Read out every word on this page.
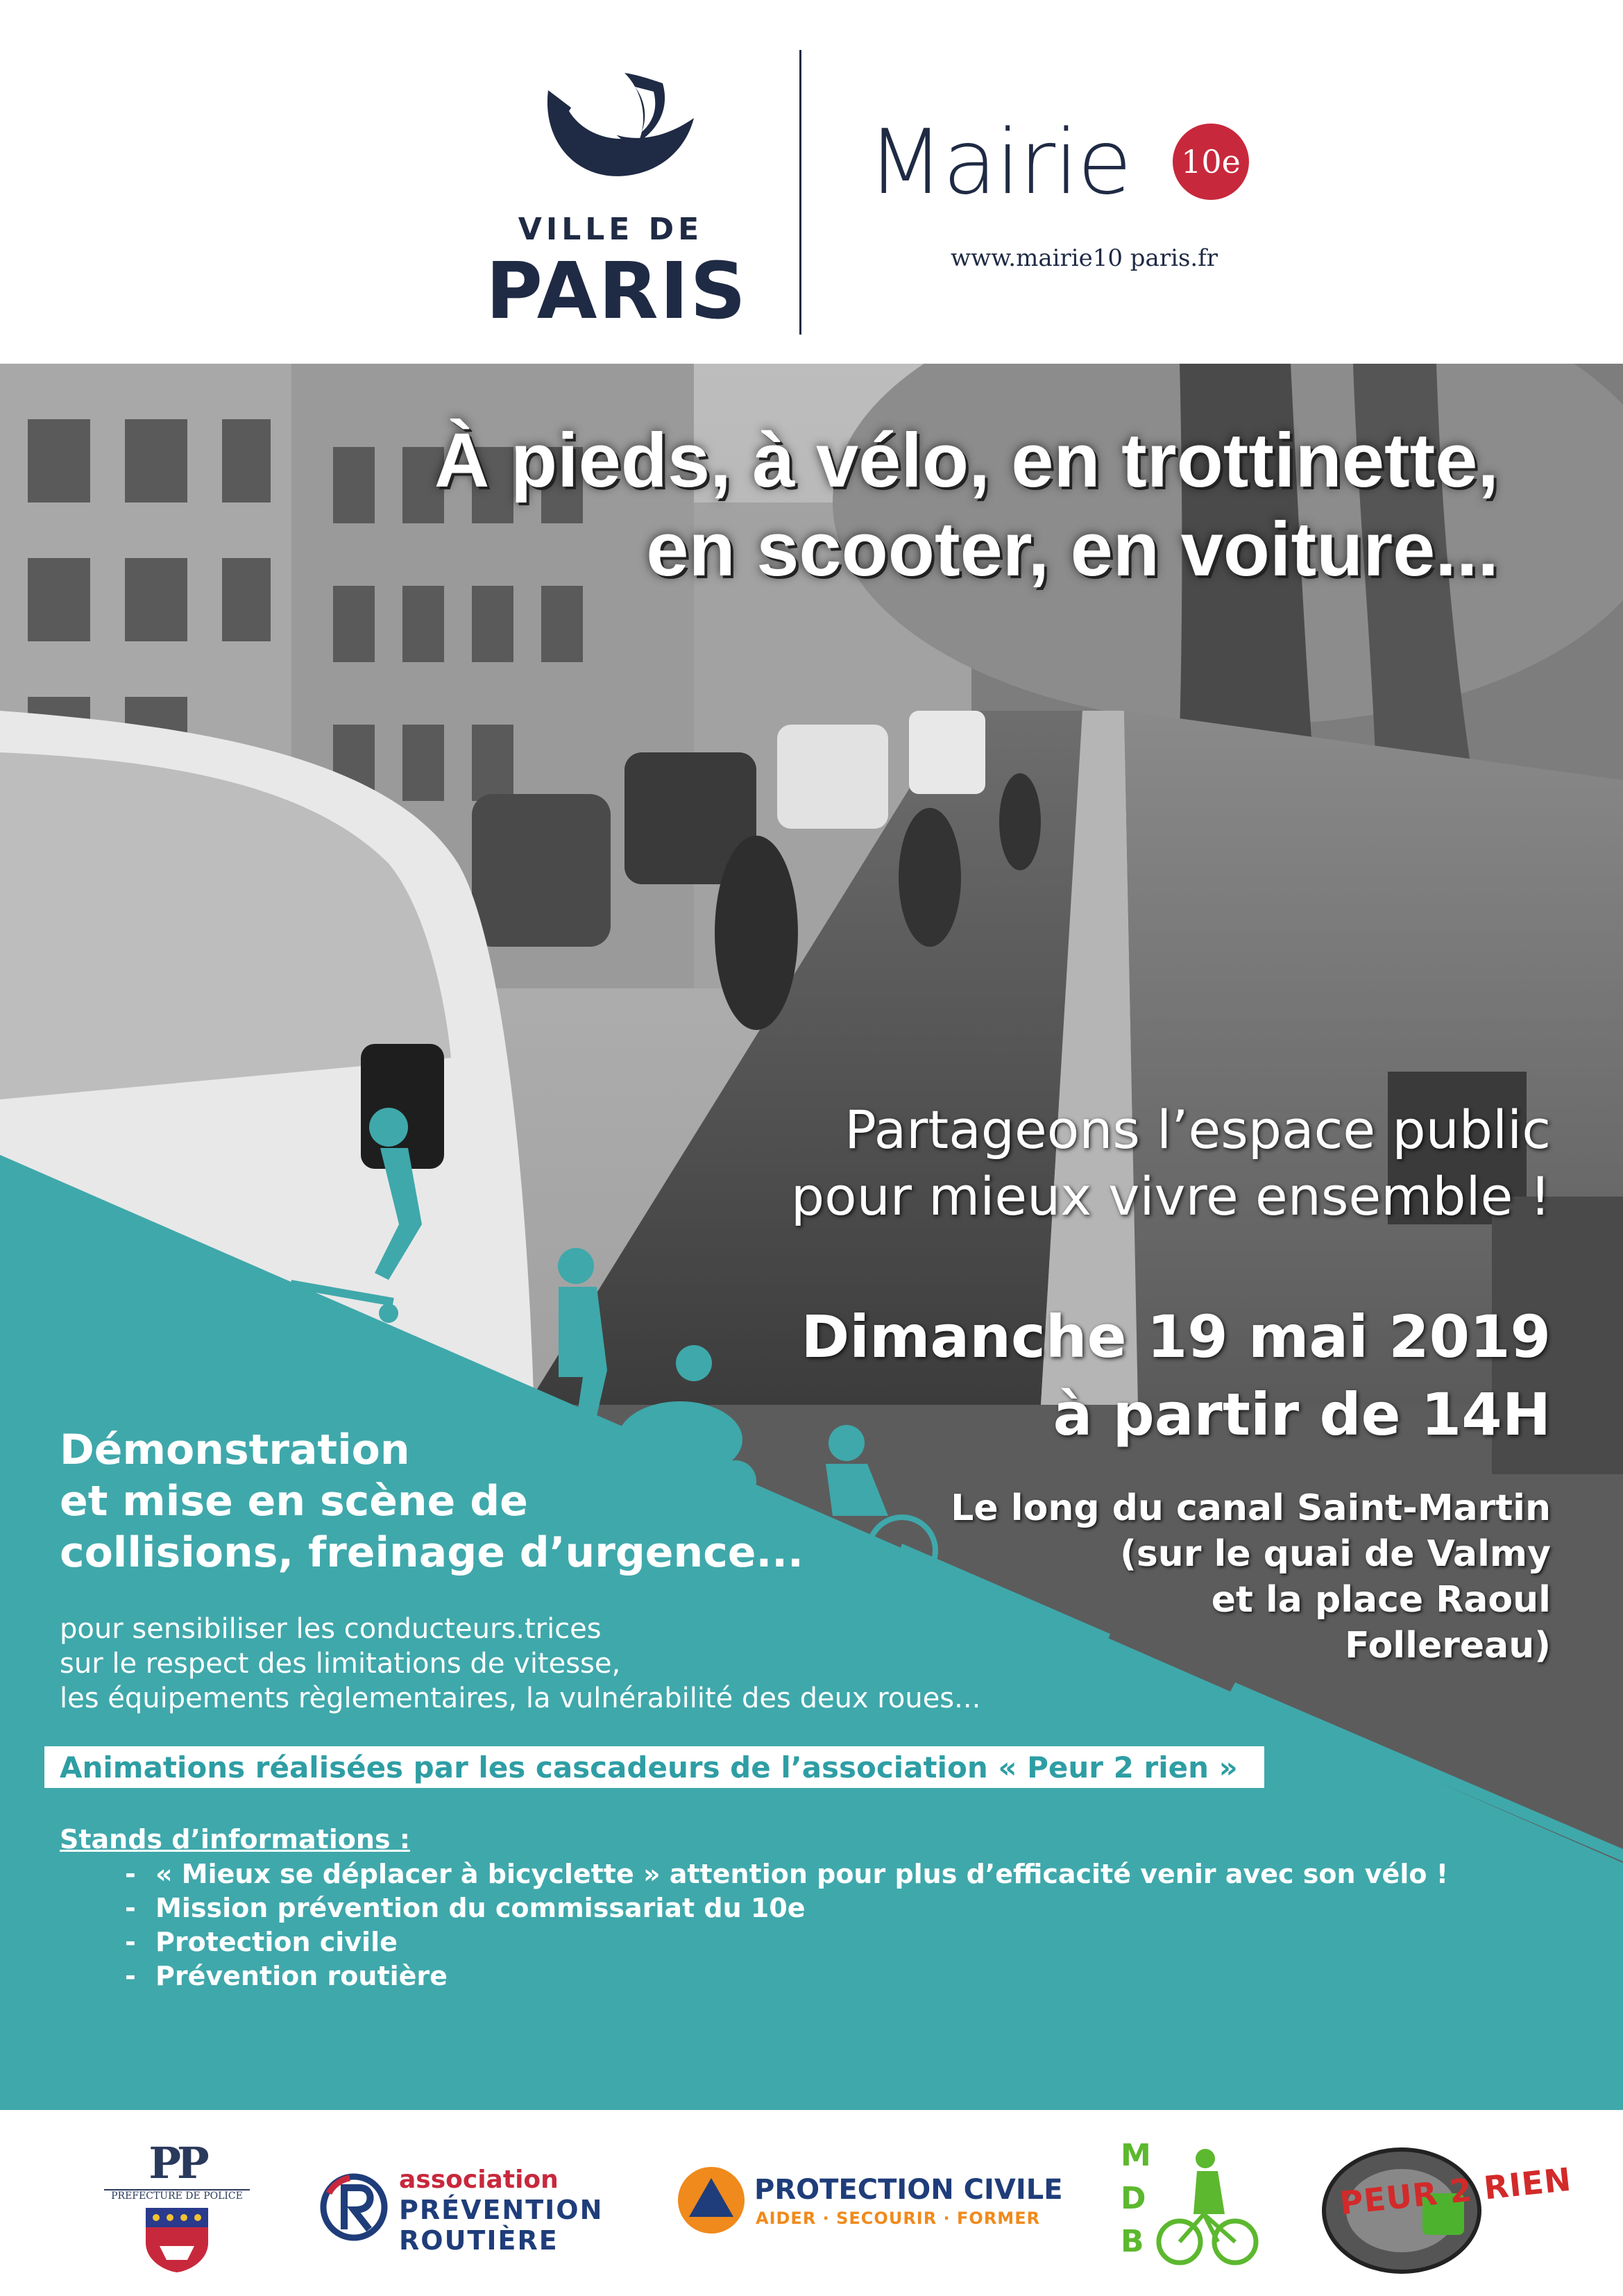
VILLE DE
PARIS
Mairie 10e
www.mairie10 paris.fr
À pieds, à vélo, en trottinette,
en scooter, en voiture...
Partageons l’espace public
pour mieux vivre ensemble !
Dimanche 19 mai 2019
à partir de 14H
Le long du canal Saint-Martin
(sur le quai de Valmy
et la place Raoul
Follereau)
Démonstration
et mise en scène de
collisions, freinage d’urgence...
pour sensibiliser les conducteurs.trices
sur le respect des limitations de vitesse,
les équipements règlementaires, la vulnérabilité des deux roues...
Animations réalisées par les cascadeurs de l’association « Peur 2 rien »
Stands d’informations :
- « Mieux se déplacer à bicyclette » attention pour plus d’efficacité venir avec son vélo !
- Mission prévention du commissariat du 10e
- Protection civile
- Prévention routière
PP
PREFECTURE DE POLICE
association
PRÉVENTION
ROUTIÈRE
PROTECTION CIVILE
AIDER · SECOURIR · FORMER
M
D
B
PEUR 2 RIEN
